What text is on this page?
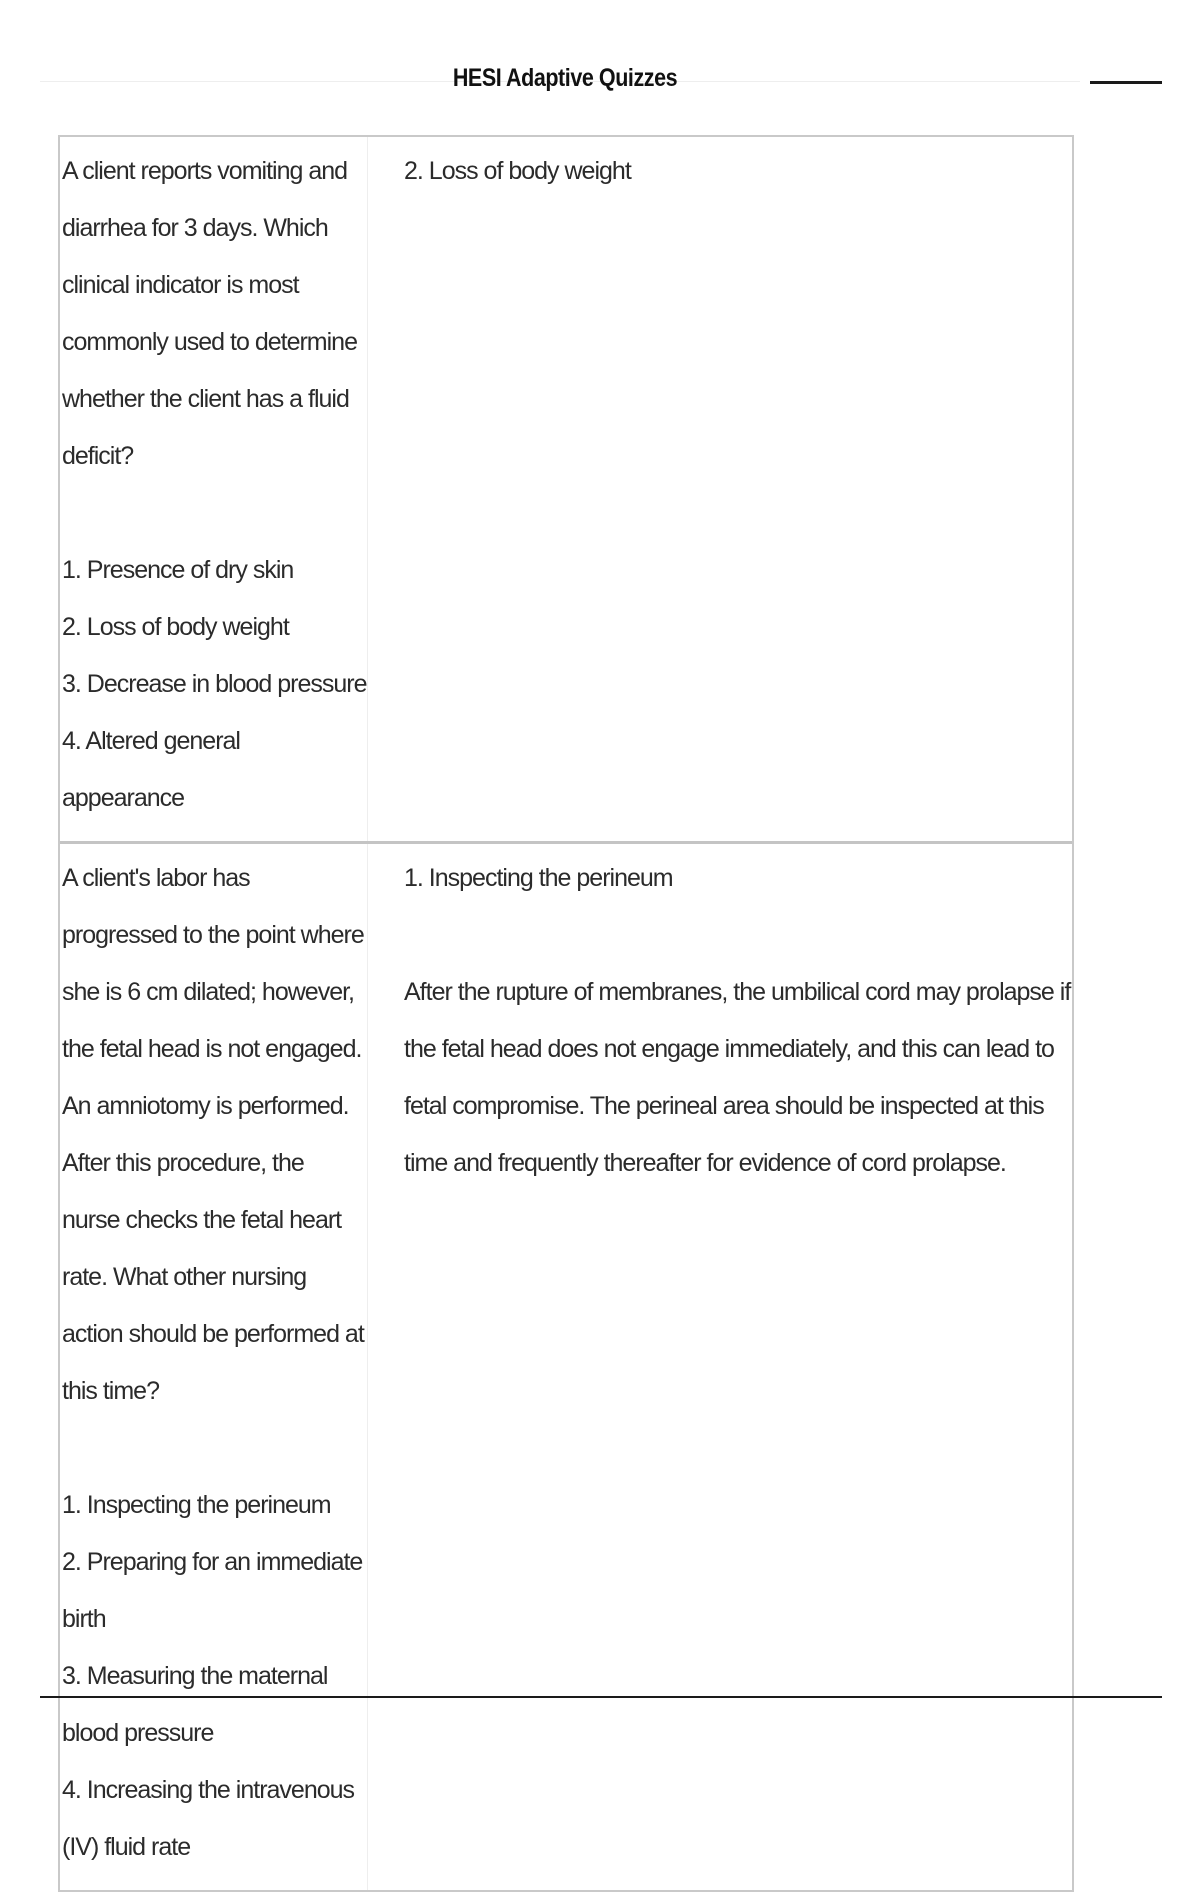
HESI Adaptive Quizzes

A client reports vomiting and diarrhea for 3 days. Which clinical indicator is most commonly used to determine whether the client has a fluid deficit?

1. Presence of dry skin
2. Loss of body weight
3. Decrease in blood pressure
4. Altered general appearance
2. Loss of body weight

A client's labor has progressed to the point where she is 6 cm dilated; however, the fetal head is not engaged. An amniotomy is performed. After this procedure, the nurse checks the fetal heart rate. What other nursing action should be performed at this time?

1. Inspecting the perineum
2. Preparing for an immediate birth
3. Measuring the maternal blood pressure
4. Increasing the intravenous (IV) fluid rate
1. Inspecting the perineum
After the rupture of membranes, the umbilical cord may prolapse if the fetal head does not engage immediately, and this can lead to fetal compromise. The perineal area should be inspected at this time and frequently thereafter for evidence of cord prolapse.
